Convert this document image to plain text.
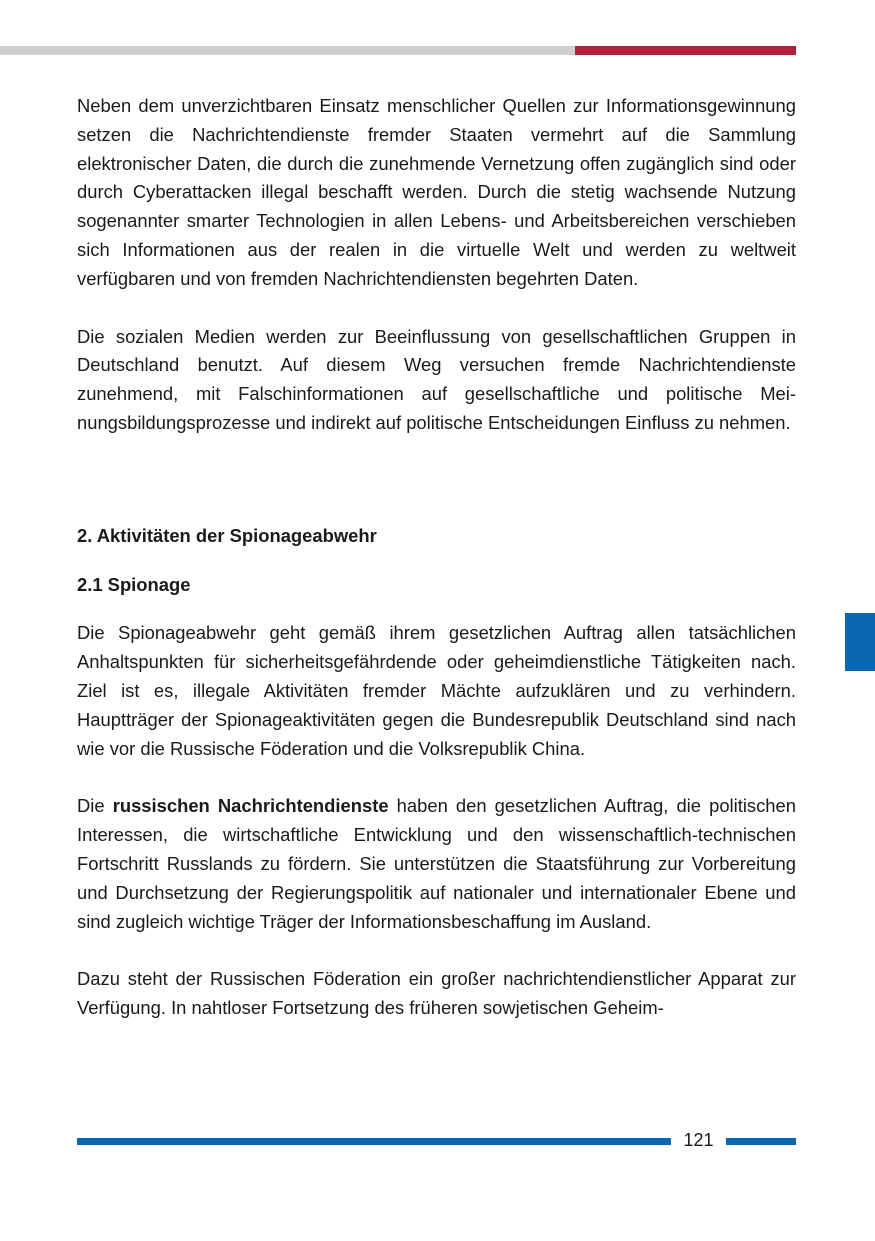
Neben dem unverzichtbaren Einsatz menschlicher Quellen zur Informationsgewinnung setzen die Nachrichtendienste fremder Staaten vermehrt auf die Sammlung elektronischer Daten, die durch die zunehmende Vernetzung offen zugänglich sind oder durch Cyberattacken illegal beschafft werden. Durch die stetig wachsende Nutzung sogenannter smarter Technologien in allen Lebens- und Arbeitsbereichen verschieben sich Informationen aus der realen in die virtuelle Welt und werden zu weltweit verfügbaren und von fremden Nachrichtendiensten begehrten Daten.

Die sozialen Medien werden zur Beeinflussung von gesellschaftlichen Gruppen in Deutschland benutzt. Auf diesem Weg versuchen fremde Nachrichtendienste zunehmend, mit Falschinformationen auf gesellschaftliche und politische Meinungsbildungsprozesse und indirekt auf politische Entscheidungen Einfluss zu nehmen.

2. Aktivitäten der Spionageabwehr

2.1 Spionage

Die Spionageabwehr geht gemäß ihrem gesetzlichen Auftrag allen tatsächlichen Anhaltspunkten für sicherheitsgefährdende oder geheimdienstliche Tätigkeiten nach. Ziel ist es, illegale Aktivitäten fremder Mächte aufzuklären und zu verhindern. Hauptträger der Spionageaktivitäten gegen die Bundesrepublik Deutschland sind nach wie vor die Russische Föderation und die Volksrepublik China.

Die russischen Nachrichtendienste haben den gesetzlichen Auftrag, die politischen Interessen, die wirtschaftliche Entwicklung und den wissenschaftlich-technischen Fortschritt Russlands zu fördern. Sie unterstützen die Staatsführung zur Vorbereitung und Durchsetzung der Regierungspolitik auf nationaler und internationaler Ebene und sind zugleich wichtige Träger der Informationsbeschaffung im Ausland.

Dazu steht der Russischen Föderation ein großer nachrichtendienstlicher Apparat zur Verfügung. In nahtloser Fortsetzung des früheren sowjetischen Geheim-

121
